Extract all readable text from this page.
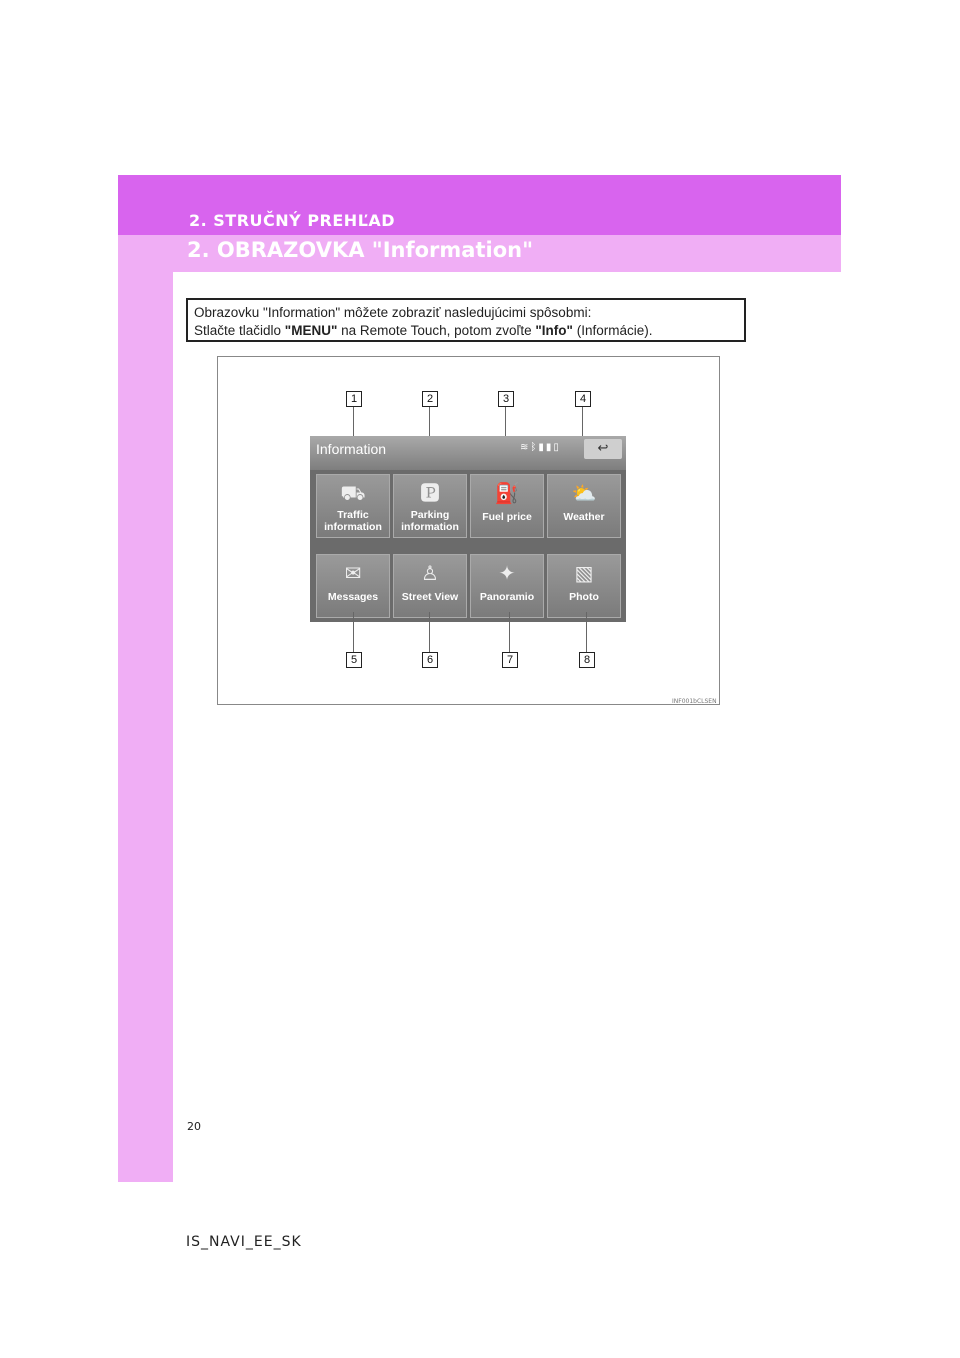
2. STRUČNÝ PREHĽAD
2. OBRAZOVKA "Information"
Obrazovku "Information" môžete zobraziť nasledujúcimi spôsobmi:
Stlačte tlačidlo "MENU" na Remote Touch, potom zvoľte "Info" (Informácie).
1	2	3	4
Information	≋ᛒ▮▮▯	↩
⛟
Traffic
information
🅿
Parking
information
⛽
Fuel price
⛅
Weather
✉
Messages
♙
Street View
✦
Panoramio
▧
Photo
5	6	7	8
INF001bCLSEN
20
IS_NAVI_EE_SK
